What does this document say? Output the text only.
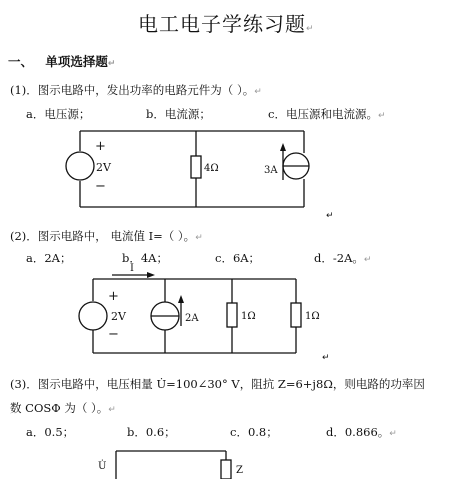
电工电子学练习题↵
一、 单项选择题↵
(1)．图示电路中，发出功率的电路元件为（ ）。↵
a．电压源；	b．电流源；	c．电压源和电流源。↵
+
2V
−
4Ω	3A
↵
I
+
2V
−
2A	1Ω	1Ω
↵
U̇	Z
(2)．图示电路中， 电流值 I=（ ）。↵
a．2A；	b．4A；	c．6A；	d．-2A。↵
(3)．图示电路中，电压相量 U̇=100∠30° V，阻抗 Z=6+j8Ω，则电路的功率因
数 COSΦ 为（ ）。↵
a．0.5；	b．0.6；	c．0.8；	d．0.866。↵
